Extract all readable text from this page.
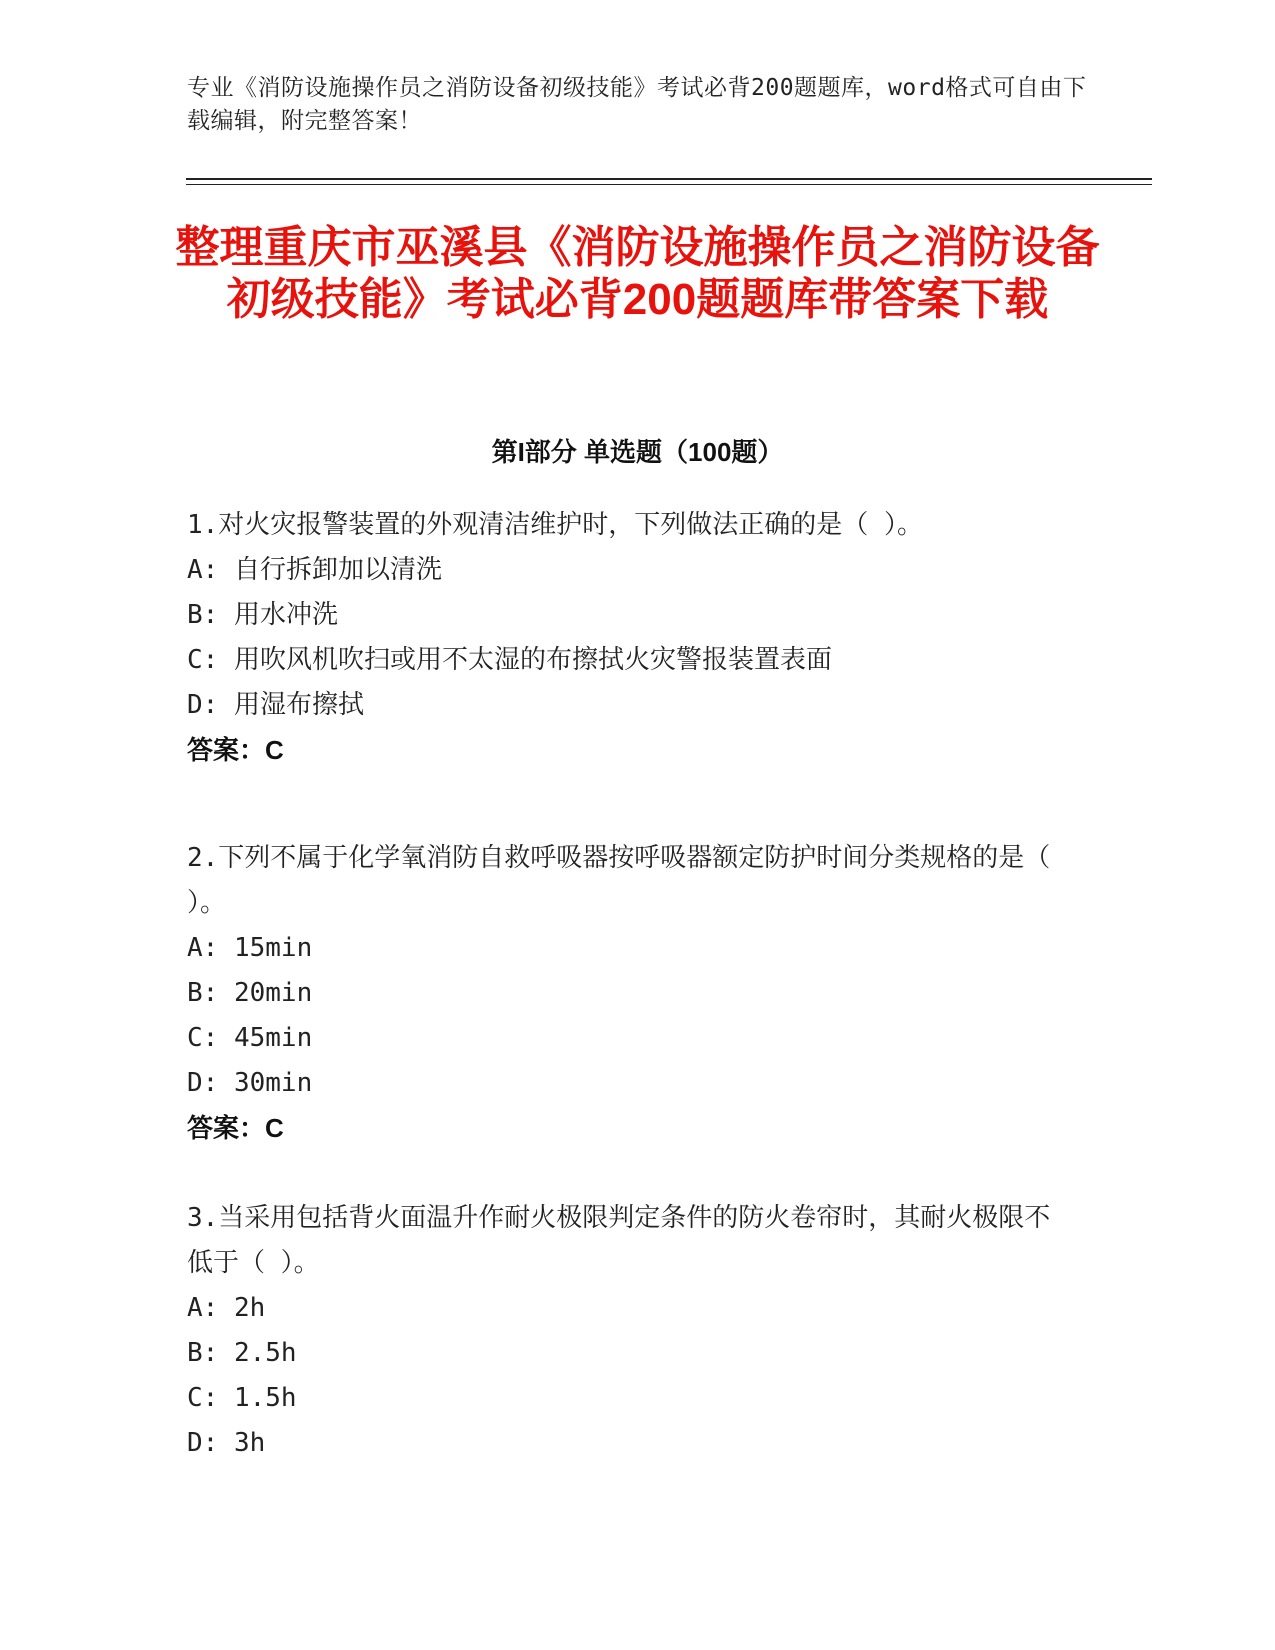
专业《消防设施操作员之消防设备初级技能》考试必背200题题库，word格式可自由下载编辑，附完整答案！
整理重庆市巫溪县《消防设施操作员之消防设备初级技能》考试必背200题题库带答案下载
第I部分 单选题（100题）

1.对火灾报警装置的外观清洁维护时，下列做法正确的是（ ）。

A: 自行拆卸加以清洗
B: 用水冲洗
C: 用吹风机吹扫或用不太湿的布擦拭火灾警报装置表面
D: 用湿布擦拭
答案：C

2.下列不属于化学氧消防自救呼吸器按呼吸器额定防护时间分类规格的是（ ）。

A: 15min
B: 20min
C: 45min
D: 30min
答案：C

3.当采用包括背火面温升作耐火极限判定条件的防火卷帘时，其耐火极限不低于（ ）。

A: 2h
B: 2.5h
C: 1.5h
D: 3h
